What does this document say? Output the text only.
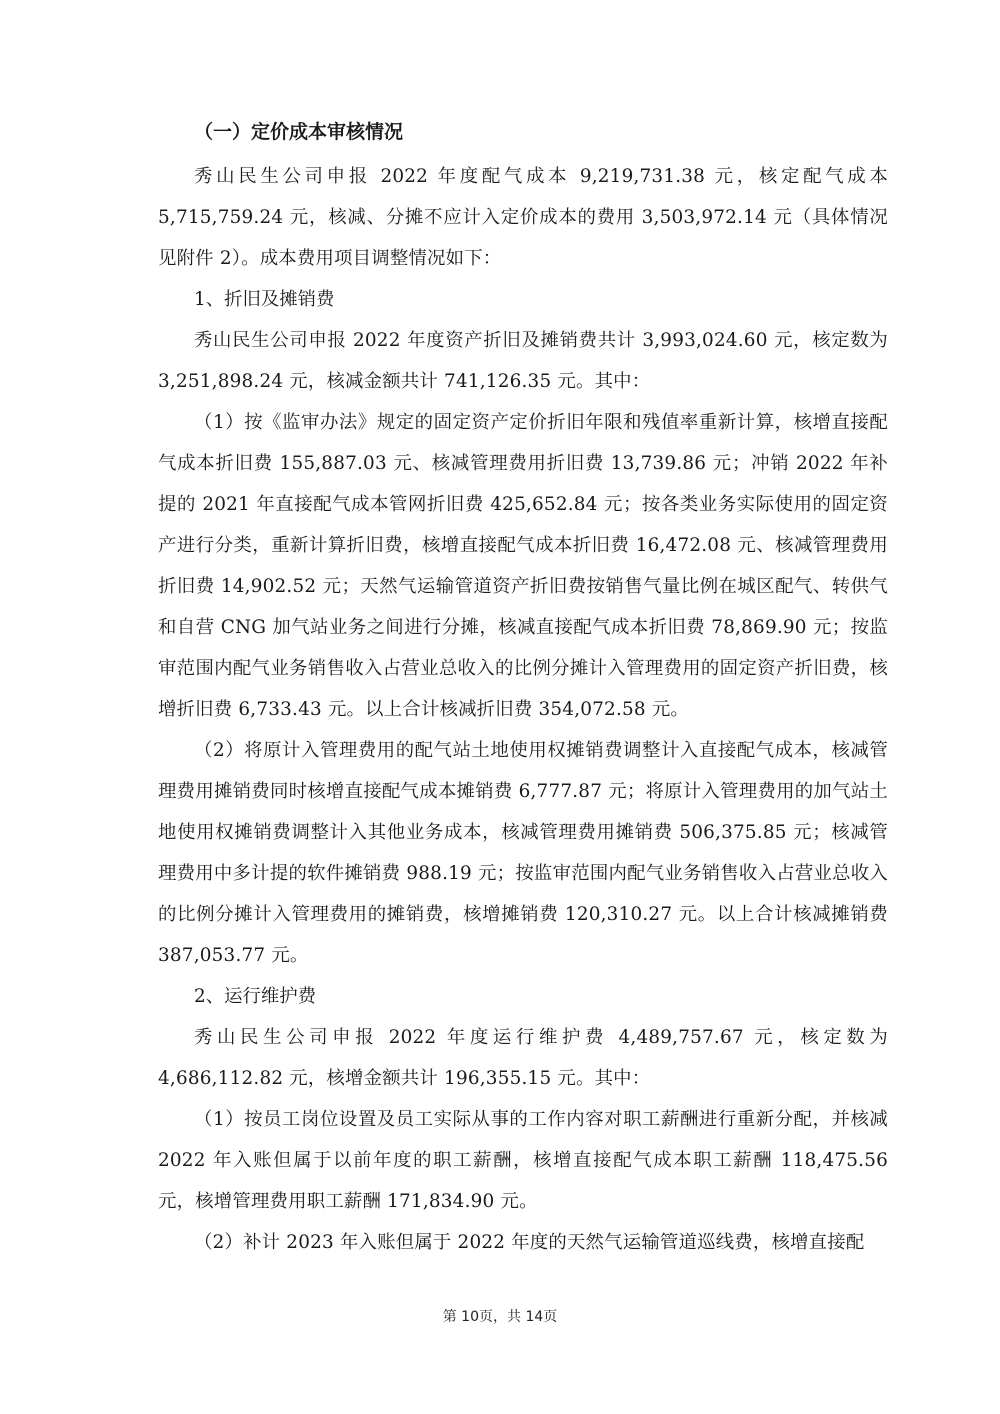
（一）定价成本审核情况

秀山民生公司申报 2022 年度配气成本 9,219,731.38 元，核定配气成本 5,715,759.24 元，核减、分摊不应计入定价成本的费用 3,503,972.14 元（具体情况见附件 2）。成本费用项目调整情况如下：

1、折旧及摊销费

秀山民生公司申报 2022 年度资产折旧及摊销费共计 3,993,024.60 元，核定数为 3,251,898.24 元，核减金额共计 741,126.35 元。其中：

（1）按《监审办法》规定的固定资产定价折旧年限和残值率重新计算，核增直接配气成本折旧费 155,887.03 元、核减管理费用折旧费 13,739.86 元；冲销 2022 年补提的 2021 年直接配气成本管网折旧费 425,652.84 元；按各类业务实际使用的固定资产进行分类，重新计算折旧费，核增直接配气成本折旧费 16,472.08 元、核减管理费用折旧费 14,902.52 元；天然气运输管道资产折旧费按销售气量比例在城区配气、转供气和自营 CNG 加气站业务之间进行分摊，核减直接配气成本折旧费 78,869.90 元；按监审范围内配气业务销售收入占营业总收入的比例分摊计入管理费用的固定资产折旧费，核增折旧费 6,733.43 元。以上合计核减折旧费 354,072.58 元。

（2）将原计入管理费用的配气站土地使用权摊销费调整计入直接配气成本，核减管理费用摊销费同时核增直接配气成本摊销费 6,777.87 元；将原计入管理费用的加气站土地使用权摊销费调整计入其他业务成本，核减管理费用摊销费 506,375.85 元；核减管理费用中多计提的软件摊销费 988.19 元；按监审范围内配气业务销售收入占营业总收入的比例分摊计入管理费用的摊销费，核增摊销费 120,310.27 元。以上合计核减摊销费 387,053.77 元。

2、运行维护费

秀山民生公司申报 2022 年度运行维护费 4,489,757.67 元，核定数为 4,686,112.82 元，核增金额共计 196,355.15 元。其中：

（1）按员工岗位设置及员工实际从事的工作内容对职工薪酬进行重新分配，并核减 2022 年入账但属于以前年度的职工薪酬，核增直接配气成本职工薪酬 118,475.56 元，核增管理费用职工薪酬 171,834.90 元。

（2）补计 2023 年入账但属于 2022 年度的天然气运输管道巡线费，核增直接配

第 10页，共 14页
